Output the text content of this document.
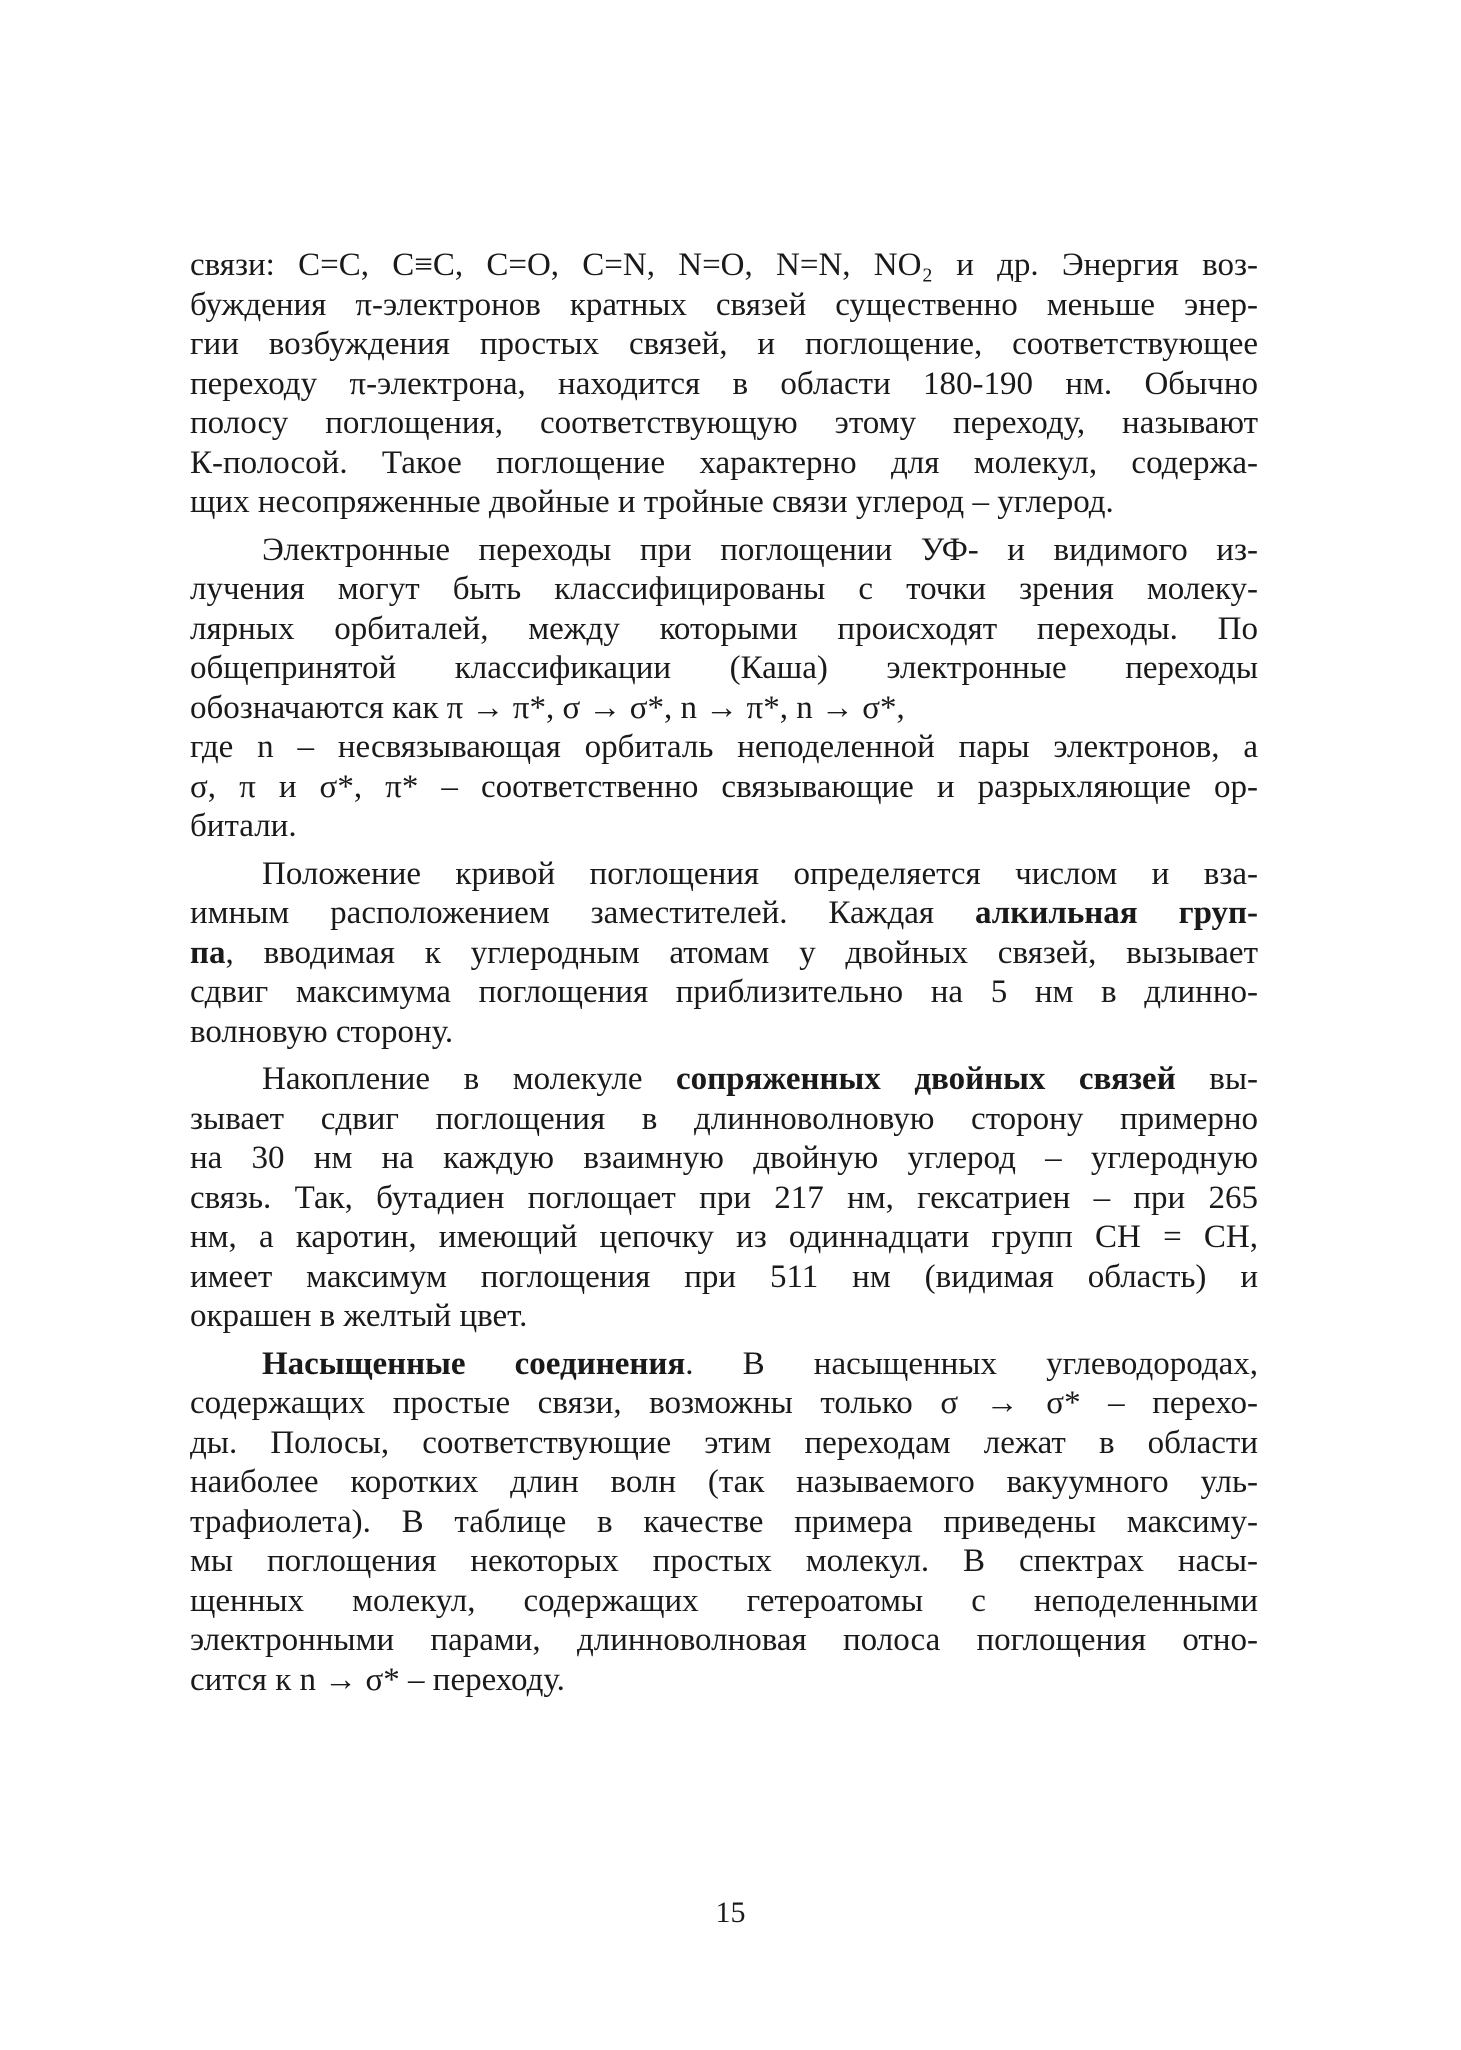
связи: С=С, С≡С, С=О, С=N, N=O, N=N, NO₂ и др. Энергия воз-
буждения π-электронов кратных связей существенно меньше энер-
гии возбуждения простых связей, и поглощение, соответствующее
переходу π-электрона, находится в области 180-190 нм. Обычно
полосу поглощения, соответствующую этому переходу, называют
К-полосой. Такое поглощение характерно для молекул, содержа-
щих несопряженные двойные и тройные связи углерод – углерод.
Электронные переходы при поглощении УФ- и видимого из-
лучения могут быть классифицированы с точки зрения молеку-
лярных орбиталей, между которыми происходят переходы. По
общепринятой классификации (Каша) электронные переходы
обозначаются как π → π*, σ → σ*, n → π*, n → σ*,
где n – несвязывающая орбиталь неподеленной пары электронов, а
σ, π и σ*, π* – соответственно связывающие и разрыхляющие ор-
битали.
Положение кривой поглощения определяется числом и вза-
имным расположением заместителей. Каждая алкильная груп-
па, вводимая к углеродным атомам у двойных связей, вызывает
сдвиг максимума поглощения приблизительно на 5 нм в длинно-
волновую сторону.
Накопление в молекуле сопряженных двойных связей вы-
зывает сдвиг поглощения в длинноволновую сторону примерно
на 30 нм на каждую взаимную двойную углерод – углеродную
связь. Так, бутадиен поглощает при 217 нм, гексатриен – при 265
нм, а каротин, имеющий цепочку из одиннадцати групп СН = СН,
имеет максимум поглощения при 511 нм (видимая область) и
окрашен в желтый цвет.
Насыщенные соединения. В насыщенных углеводородах,
содержащих простые связи, возможны только σ → σ* – перехо-
ды. Полосы, соответствующие этим переходам лежат в области
наиболее коротких длин волн (так называемого вакуумного уль-
трафиолета). В таблице в качестве примера приведены максиму-
мы поглощения некоторых простых молекул. В спектрах насы-
щенных молекул, содержащих гетероатомы с неподеленными
электронными парами, длинноволновая полоса поглощения отно-
сится к n → σ* – переходу.
15
